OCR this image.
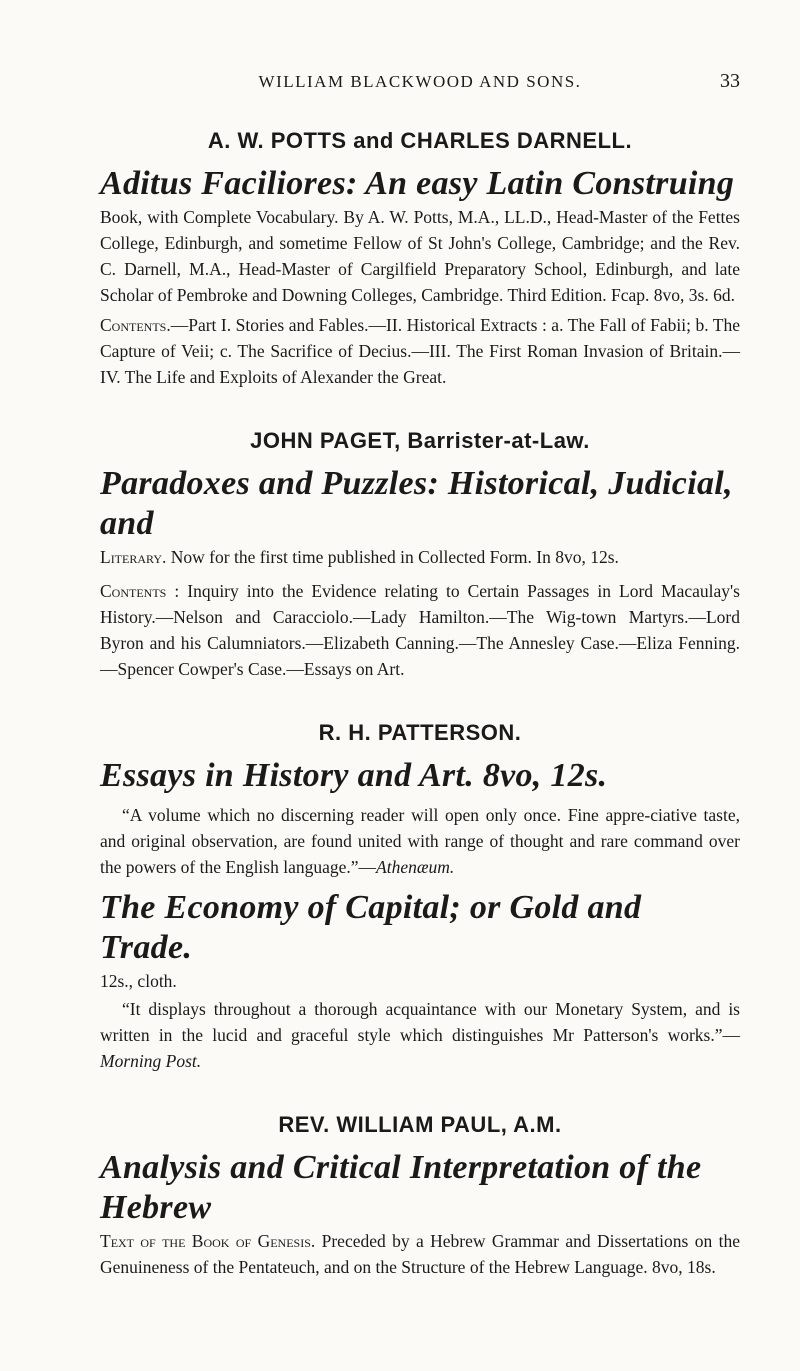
WILLIAM BLACKWOOD AND SONS.	33
A. W. POTTS and CHARLES DARNELL.
Aditus Faciliores: An easy Latin Construing

Book, with Complete Vocabulary. By A. W. Potts, M.A., LL.D., Head-Master of the Fettes College, Edinburgh, and sometime Fellow of St John's College, Cambridge; and the Rev. C. Darnell, M.A., Head-Master of Cargilfield Preparatory School, Edinburgh, and late Scholar of Pembroke and Downing Colleges, Cambridge. Third Edition. Fcap. 8vo, 3s. 6d.

Contents.—Part I. Stories and Fables.—II. Historical Extracts : a. The Fall of Fabii; b. The Capture of Veii; c. The Sacrifice of Decius.—III. The First Roman Invasion of Britain.—IV. The Life and Exploits of Alexander the Great.

JOHN PAGET, Barrister-at-Law.
Paradoxes and Puzzles: Historical, Judicial, and

Literary. Now for the first time published in Collected Form. In 8vo, 12s.

Contents : Inquiry into the Evidence relating to Certain Passages in Lord Macaulay's History.—Nelson and Caracciolo.—Lady Hamilton.—The Wig-town Martyrs.—Lord Byron and his Calumniators.—Elizabeth Canning.—The Annesley Case.—Eliza Fenning.—Spencer Cowper's Case.—Essays on Art.

R. H. PATTERSON.
Essays in History and Art. 8vo, 12s.

“A volume which no discerning reader will open only once. Fine appre-ciative taste, and original observation, are found united with range of thought and rare command over the powers of the English language.”—Athenæum.

The Economy of Capital; or Gold and Trade.

12s., cloth.

“It displays throughout a thorough acquaintance with our Monetary System, and is written in the lucid and graceful style which distinguishes Mr Patterson's works.”—Morning Post.

REV. WILLIAM PAUL, A.M.
Analysis and Critical Interpretation of the Hebrew

Text of the Book of Genesis. Preceded by a Hebrew Grammar and Dissertations on the Genuineness of the Pentateuch, and on the Structure of the Hebrew Language. 8vo, 18s.
